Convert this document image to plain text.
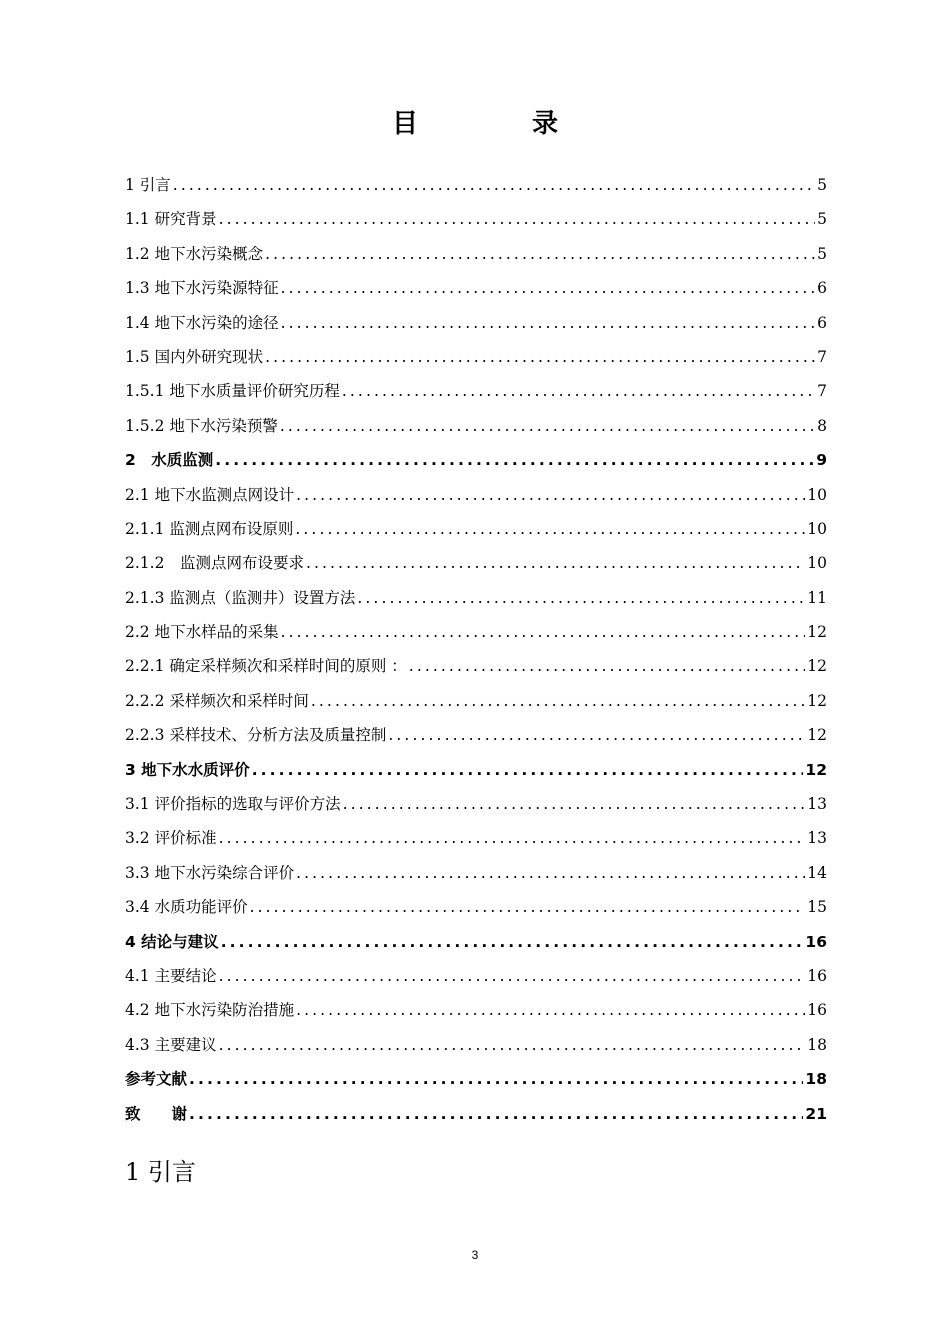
目　录
1 引言 .....	5
1.1 研究背景 .....	5
1.2 地下水污染概念 .....	5
1.3 地下水污染源特征 .....	6
1.4 地下水污染的途径 .....	6
1.5 国内外研究现状 .....	7
1.5.1 地下水质量评价研究历程 .....	7
1.5.2 地下水污染预警 .....	8
2　水质监测 .....	9
2.1 地下水监测点网设计 .....	10
2.1.1 监测点网布设原则 .....	10
2.1.2　监测点网布设要求 .....	10
2.1.3 监测点（监测井）设置方法 .....	11
2.2 地下水样品的采集 .....	12
2.2.1 确定采样频次和采样时间的原则 ： .....	12
2.2.2 采样频次和采样时间 .....	12
2.2.3 采样技术、分析方法及质量控制 .....	12
3 地下水水质评价 .....	12
3.1 评价指标的选取与评价方法 .....	13
3.2 评价标准 .....	13
3.3 地下水污染综合评价 .....	14
3.4 水质功能评价 .....	15
4 结论与建议 .....	16
4.1 主要结论 .....	16
4.2 地下水污染防治措施 .....	16
4.3 主要建议 .....	18
参考文献 .....	18
致　　谢 .....	21
1 引言
3
